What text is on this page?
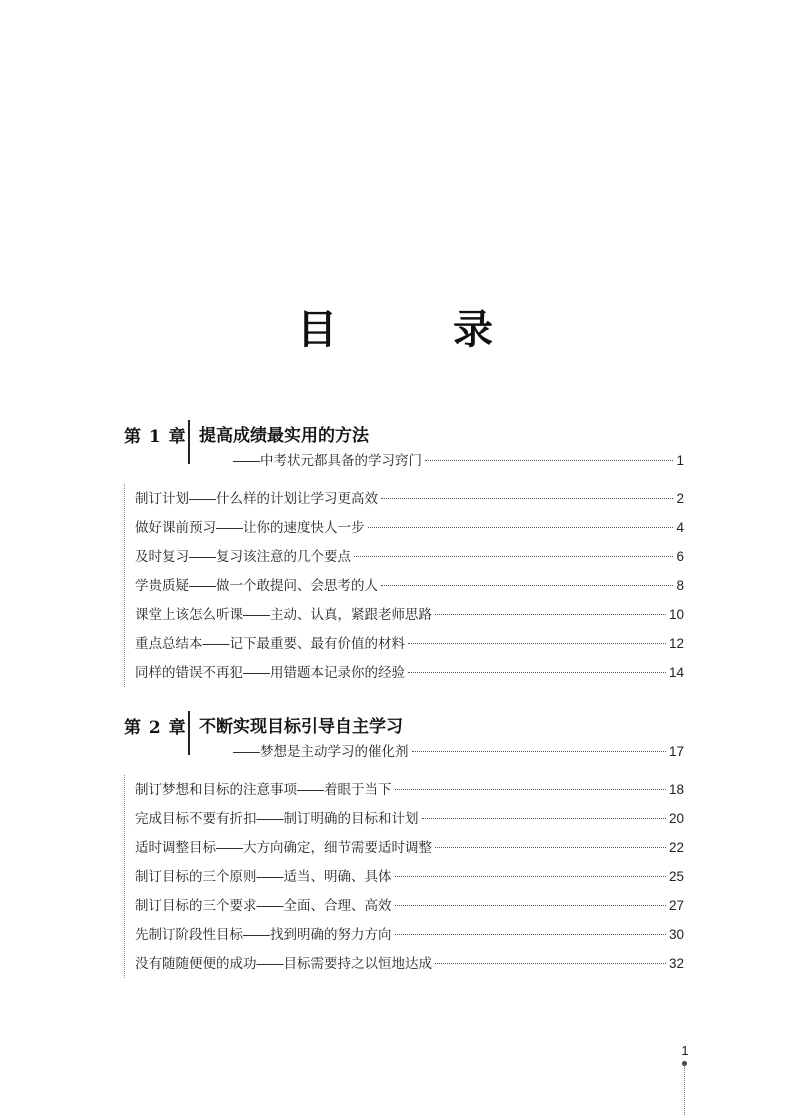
目　录
第 1 章 提高成绩最实用的方法
——中考状元都具备的学习窍门	1
制订计划——什么样的计划让学习更高效	2
做好课前预习——让你的速度快人一步	4
及时复习——复习该注意的几个要点	6
学贵质疑——做一个敢提问、会思考的人	8
课堂上该怎么听课——主动、认真，紧跟老师思路	10
重点总结本——记下最重要、最有价值的材料	12
同样的错误不再犯——用错题本记录你的经验	14
第 2 章 不断实现目标引导自主学习
——梦想是主动学习的催化剂	17
制订梦想和目标的注意事项——着眼于当下	18
完成目标不要有折扣——制订明确的目标和计划	20
适时调整目标——大方向确定，细节需要适时调整	22
制订目标的三个原则——适当、明确、具体	25
制订目标的三个要求——全面、合理、高效	27
先制订阶段性目标——找到明确的努力方向	30
没有随随便便的成功——目标需要持之以恒地达成	32
1
